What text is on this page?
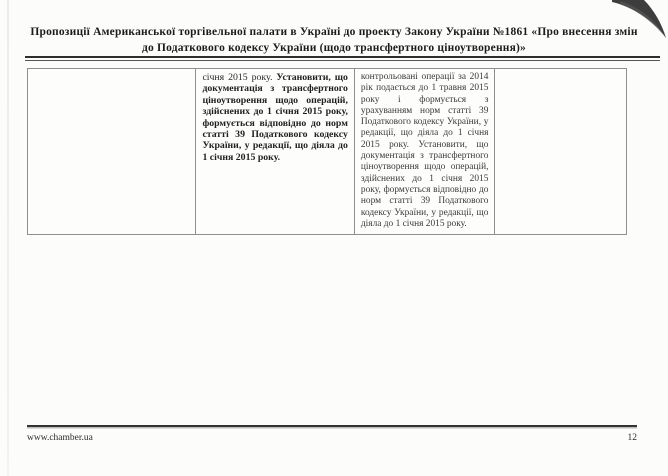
Пропозиції Американської торгівельної палати в Україні до проекту Закону України №1861 «Про внесення змін до Податкового кодексу України (щодо трансфертного ціноутворення)»

січня 2015 року. Установити, що документація з трансфертного ціноутворення щодо операцій, здійснених до 1 січня 2015 року, формується відповідно до норм статті 39 Податкового кодексу України, у редакції, що діяла до 1 січня 2015 року.

контрольовані операції за 2014 рік подається до 1 травня 2015 року і формується з урахуванням норм статті 39 Податкового кодексу України, у редакції, що діяла до 1 січня 2015 року. Установити, що документація з трансфертного ціноутворення щодо операцій, здійснених до 1 січня 2015 року, формується відповідно до норм статті 39 Податкового кодексу України, у редакції, що діяла до 1 січня 2015 року.

www.chamber.ua	12
